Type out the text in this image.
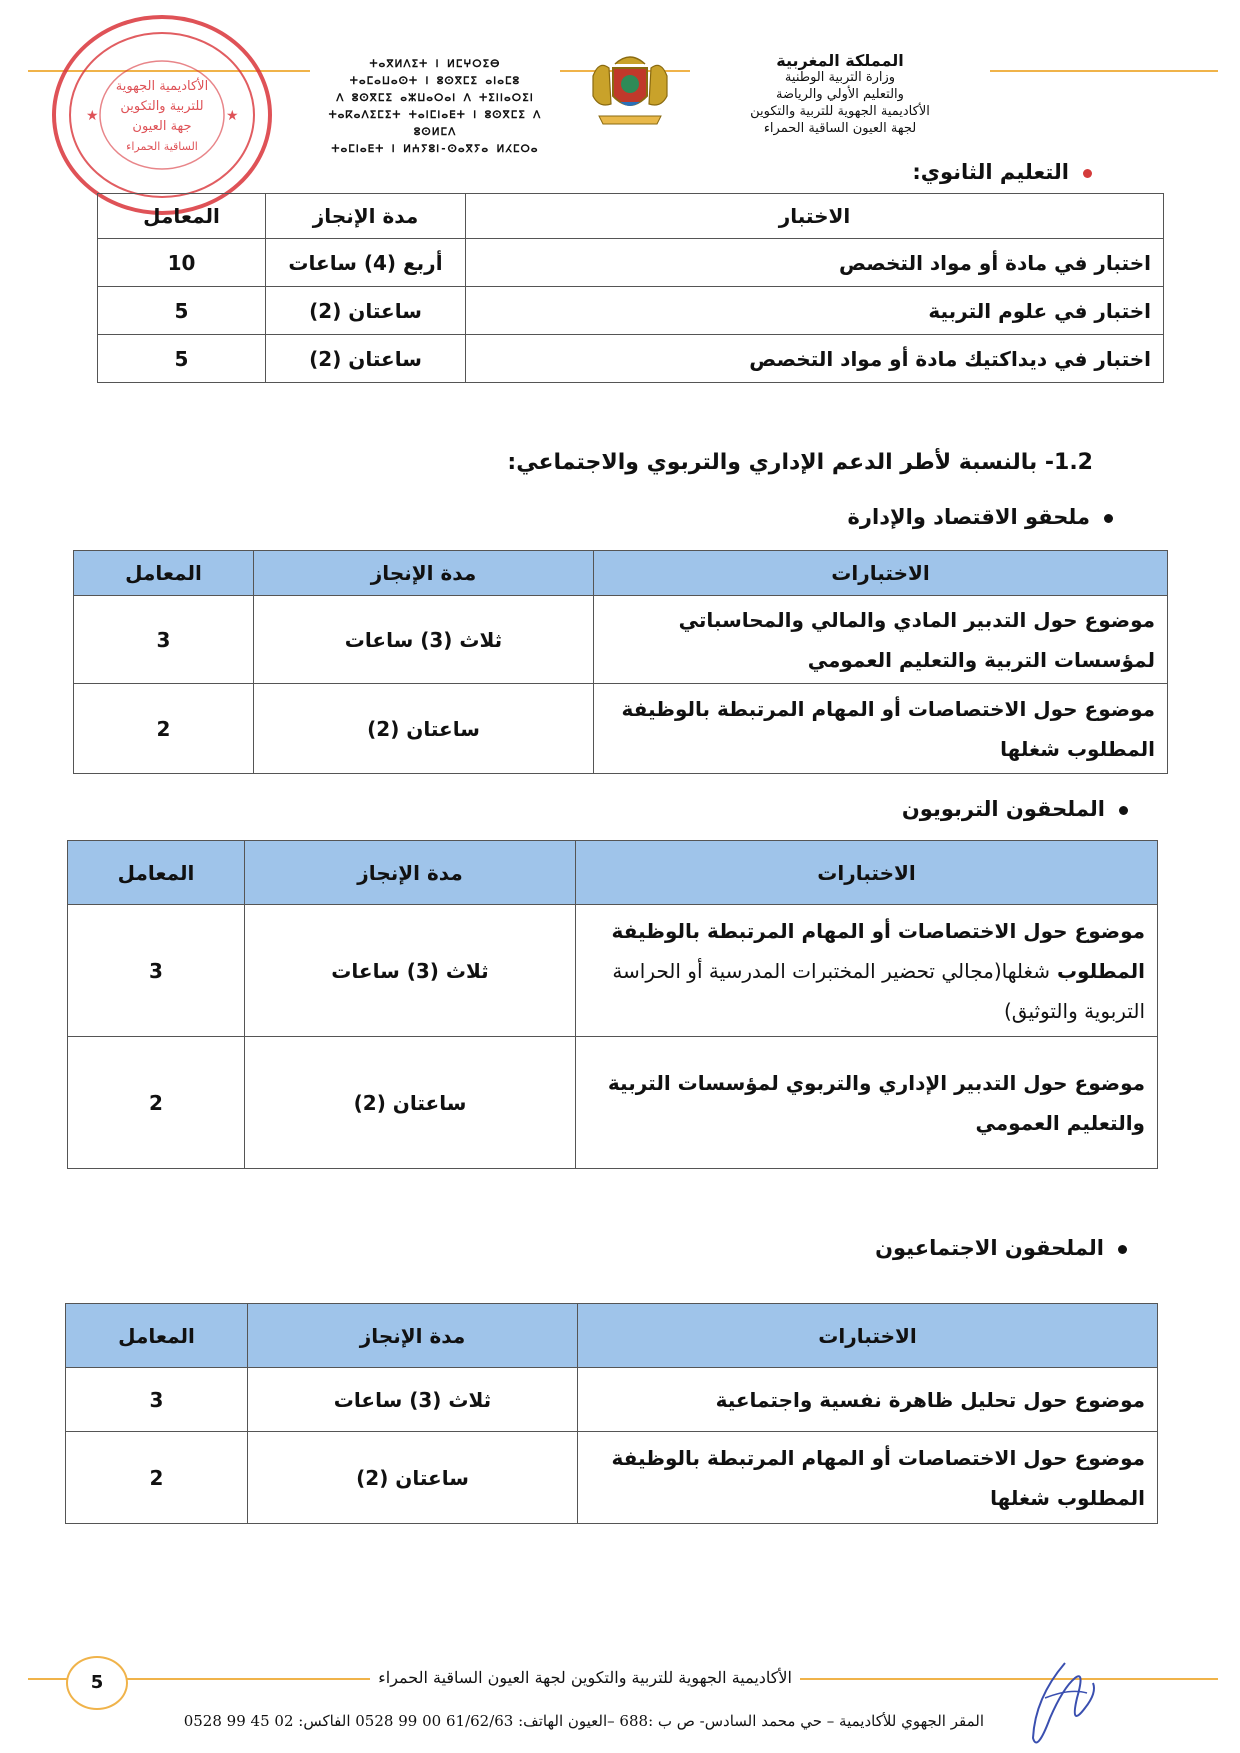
الأكاديمية الجهوية
للتربية والتكوين
جهة العيون
الساقية الحمراء
★	★
ⵜⴰⴳⵍⴷⵉⵜ ⵏ ⵍⵎⵖⵔⵉⴱ
ⵜⴰⵎⴰⵡⴰⵙⵜ ⵏ ⵓⵙⴳⵎⵉ ⴰⵏⴰⵎⵓ
ⴷ ⵓⵙⴳⵎⵉ ⴰⵣⵡⴰⵔⴰⵏ ⴷ ⵜⵉⵏⵏⴰⵔⵉⵏ
ⵜⴰⴽⴰⴷⵉⵎⵉⵜ ⵜⴰⵏⵎⵏⴰⴹⵜ ⵏ ⵓⵙⴳⵎⵉ ⴷ ⵓⵙⵍⵎⴷ
ⵜⴰⵎⵏⴰⴹⵜ ⵏ ⵍⵄⵢⵓⵏ-ⵙⴰⴳⵢⴰ ⵍⵃⵎⵔⴰ
المملكة المغربية
وزارة التربية الوطنية
والتعليم الأولي والرياضة
الأكاديمية الجهوية للتربية والتكوين
لجهة العيون الساقية الحمراء
التعليم الثانوي:
الاختبار	مدة الإنجاز	المعامل
اختبار في مادة أو مواد التخصص	أربع (4) ساعات	10
اختبار في علوم التربية	ساعتان (2)	5
اختبار في ديداكتيك مادة أو مواد التخصص	ساعتان (2)	5
1.2- بالنسبة لأطر الدعم الإداري والتربوي والاجتماعي:
ملحقو الاقتصاد والإدارة
الاختبارات	مدة الإنجاز	المعامل
موضوع حول التدبير المادي والمالي والمحاسباتي لمؤسسات التربية والتعليم العمومي	ثلاث (3) ساعات	3
موضوع حول الاختصاصات أو المهام المرتبطة بالوظيفة المطلوب شغلها	ساعتان (2)	2
الملحقون التربويون
الاختبارات	مدة الإنجاز	المعامل
موضوع حول الاختصاصات أو المهام المرتبطة بالوظيفة المطلوب شغلها(مجالي تحضير المختبرات المدرسية أو الحراسة التربوية والتوثيق)	ثلاث (3) ساعات	3
موضوع حول التدبير الإداري والتربوي لمؤسسات التربية والتعليم العمومي	ساعتان (2)	2
الملحقون الاجتماعيون
الاختبارات	مدة الإنجاز	المعامل
موضوع حول تحليل ظاهرة نفسية واجتماعية	ثلاث (3) ساعات	3
موضوع حول الاختصاصات أو المهام المرتبطة بالوظيفة المطلوب شغلها	ساعتان (2)	2
5	الأكاديمية الجهوية للتربية والتكوين لجهة العيون الساقية الحمراء
المقر الجهوي للأكاديمية – حي محمد السادس- ص ب :688 –العيون الهاتف: 61/62/63 00 99 0528 الفاكس: 02 45 99 0528
